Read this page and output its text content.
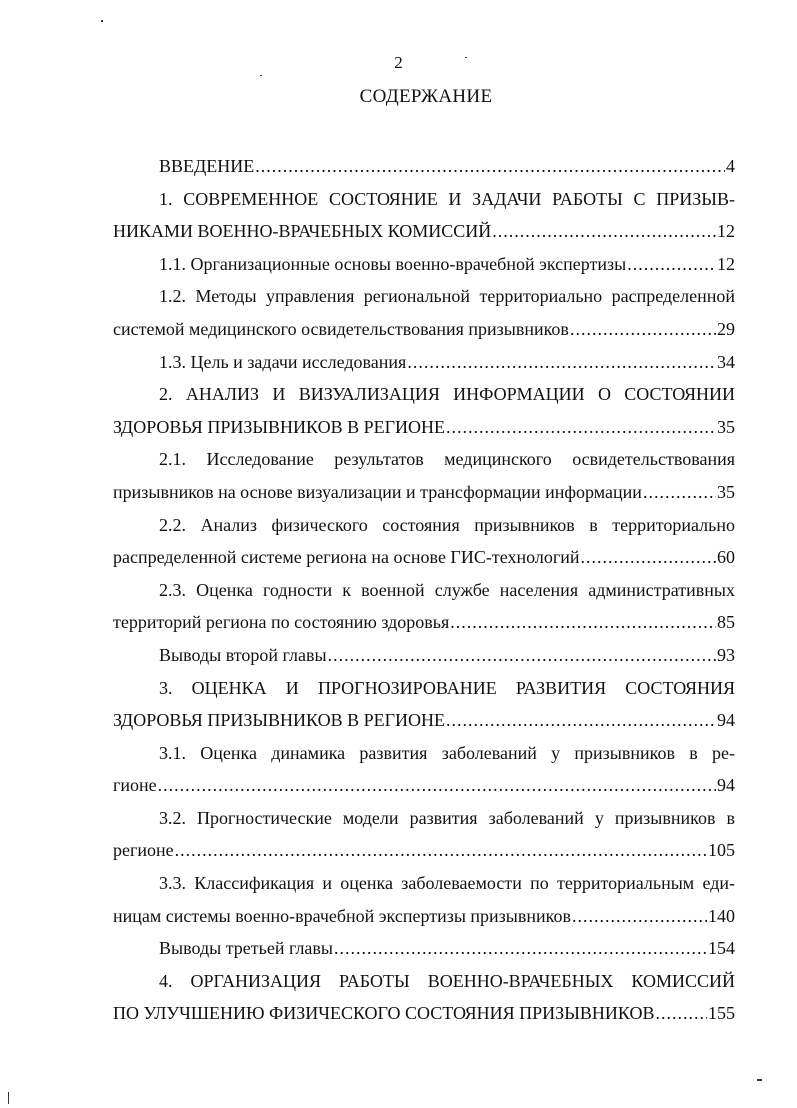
2
СОДЕРЖАНИЕ
ВВЕДЕНИЕ .....	4
1. СОВРЕМЕННОЕ СОСТОЯНИЕ И ЗАДАЧИ РАБОТЫ С ПРИЗЫВ-
НИКАМИ ВОЕННО-ВРАЧЕБНЫХ КОМИССИЙ .....	12
1.1. Организационные основы военно-врачебной экспертизы .....	12
1.2. Методы управления региональной территориально распределенной
системой медицинского освидетельствования призывников .....	29
1.3. Цель и задачи исследования .....	34
2. АНАЛИЗ И ВИЗУАЛИЗАЦИЯ ИНФОРМАЦИИ О СОСТОЯНИИ
ЗДОРОВЬЯ ПРИЗЫВНИКОВ В РЕГИОНЕ .....	35
2.1. Исследование результатов медицинского освидетельствования
призывников на основе визуализации и трансформации информации .....	35
2.2. Анализ физического состояния призывников в территориально
распределенной системе региона на основе ГИС-технологий .....	60
2.3. Оценка годности к военной службе населения административных
территорий региона по состоянию здоровья .....	85
Выводы второй главы .....	93
3. ОЦЕНКА И ПРОГНОЗИРОВАНИЕ РАЗВИТИЯ СОСТОЯНИЯ
ЗДОРОВЬЯ ПРИЗЫВНИКОВ В РЕГИОНЕ .....	94
3.1. Оценка динамика развития заболеваний у призывников в ре-
гионе .....	94
3.2. Прогностические модели развития заболеваний у призывников в
регионе .....	105
3.3. Классификация и оценка заболеваемости по территориальным еди-
ницам системы военно-врачебной экспертизы призывников .....	140
Выводы третьей главы .....	154
4. ОРГАНИЗАЦИЯ РАБОТЫ ВОЕННО-ВРАЧЕБНЫХ КОМИССИЙ
ПО УЛУЧШЕНИЮ ФИЗИЧЕСКОГО СОСТОЯНИЯ ПРИЗЫВНИКОВ .....	155
